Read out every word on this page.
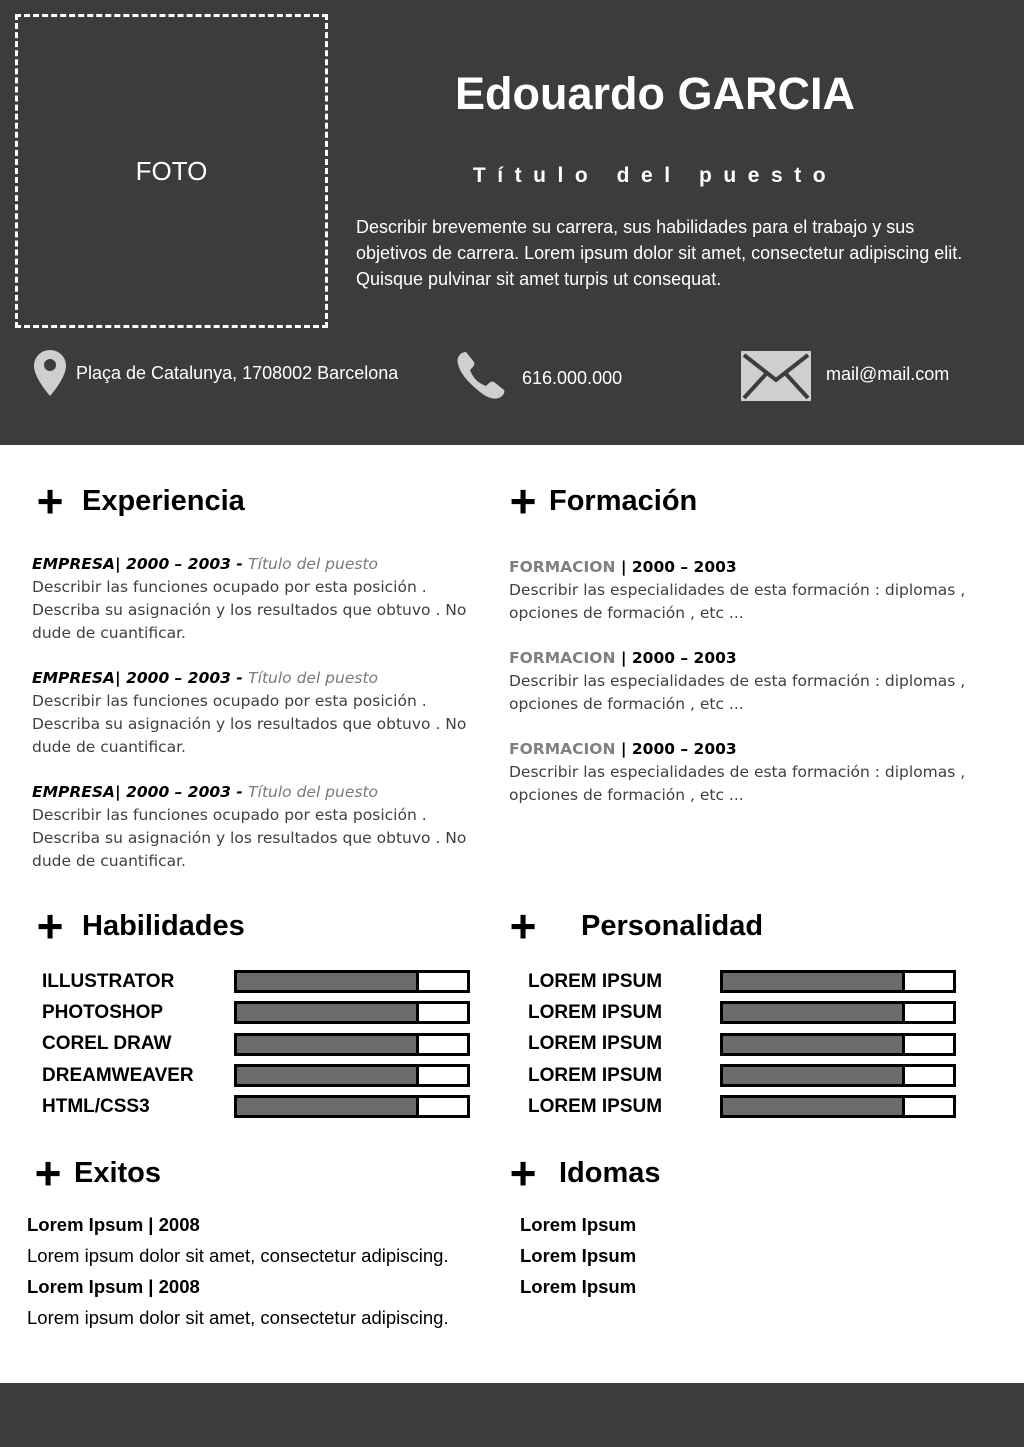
FOTO
Edouardo GARCIA
Título del puesto
Describir brevemente su carrera, sus habilidades para el trabajo y sus objetivos de carrera. Lorem ipsum dolor sit amet, consectetur adipiscing elit. Quisque pulvinar sit amet turpis ut consequat.
Plaça de Catalunya, 1708002 Barcelona	616.000.000	mail@mail.com
+ Experiencia
EMPRESA| 2000 – 2003 - Título del puesto
Describir las funciones ocupado por esta posición . Describa su asignación y los resultados que obtuvo . No dude de cuantificar.
EMPRESA| 2000 – 2003 - Título del puesto
Describir las funciones ocupado por esta posición . Describa su asignación y los resultados que obtuvo . No dude de cuantificar.
EMPRESA| 2000 – 2003 - Título del puesto
Describir las funciones ocupado por esta posición . Describa su asignación y los resultados que obtuvo . No dude de cuantificar.
+ Formación
FORMACION | 2000 – 2003
Describir las especialidades de esta formación : diplomas , opciones de formación , etc ...
FORMACION | 2000 – 2003
Describir las especialidades de esta formación : diplomas , opciones de formación , etc ...
FORMACION | 2000 – 2003
Describir las especialidades de esta formación : diplomas , opciones de formación , etc ...
+ Habilidades
ILLUSTRATOR
PHOTOSHOP
COREL DRAW
DREAMWEAVER
HTML/CSS3
+ Personalidad
LOREM IPSUM
LOREM IPSUM
LOREM IPSUM
LOREM IPSUM
LOREM IPSUM
+ Exitos
Lorem Ipsum | 2008
Lorem ipsum dolor sit amet, consectetur adipiscing.
Lorem Ipsum | 2008
Lorem ipsum dolor sit amet, consectetur adipiscing.
+ Idomas
Lorem Ipsum
Lorem Ipsum
Lorem Ipsum
